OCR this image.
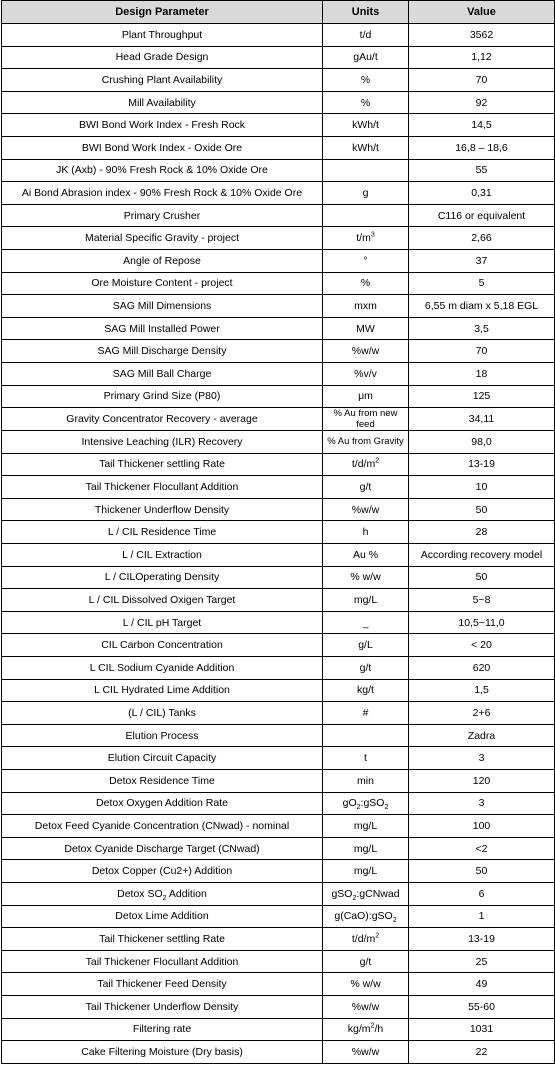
Design Parameter	Units	Value
Plant Throughput	t/d	3562
Head Grade Design	gAu/t	1,12
Crushing Plant Availability	%	70
Mill Availability	%	92
BWI Bond Work Index - Fresh Rock	kWh/t	14,5
BWI Bond Work Index - Oxide Ore	kWh/t	16,8 – 18,6
JK (Axb) - 90% Fresh Rock & 10% Oxide Ore		55
Ai Bond Abrasion index - 90% Fresh Rock & 10% Oxide Ore	g	0,31
Primary Crusher		C116 or equivalent
Material Specific Gravity - project	$t/m^3$	2,66
Angle of Repose	°	37
Ore Moisture Content - project	%	5
SAG Mill Dimensions	mxm	6,55 m diam x 5,18 EGL
SAG Mill Installed Power	MW	3,5
SAG Mill Discharge Density	%w/w	70
SAG Mill Ball Charge	%v/v	18
Primary Grind Size (P80)	μm	125
Gravity Concentrator Recovery - average	% Au from new feed	34,11
Intensive Leaching (ILR) Recovery	% Au from Gravity	98,0
Tail Thickener settling Rate	$t/d/m^2$	13-19
Tail Thickener Flocullant Addition	g/t	10
Thickener Underflow Density	%w/w	50
L / CIL Residence Time	h	28
L / CIL Extraction	Au %	According recovery model
L / CILOperating Density	% w/w	50
L / CIL Dissolved Oxigen Target	mg/L	5~8
L / CIL pH Target	_	10,5~11,0
CIL Carbon Concentration	g/L	< 20
L CIL Sodium Cyanide Addition	g/t	620
L CIL Hydrated Lime Addition	kg/t	1,5
(L / CIL) Tanks	#	2+6
Elution Process		Zadra
Elution Circuit Capacity	t	3
Detox Residence Time	min	120
Detox Oxygen Addition Rate	$gO_2:gSO_2$	3
Detox Feed Cyanide Concentration (CNwad) - nominal	mg/L	100
Detox Cyanide Discharge Target (CNwad)	mg/L	<2
Detox Copper (Cu2+) Addition	mg/L	50
Detox $SO_2$ Addition	gSO$_2$:gCNwad	6
Detox Lime Addition	g(CaO):gSO$_2$	1
Tail Thickener settling Rate	$t/d/m^2$	13-19
Tail Thickener Flocullant Addition	g/t	25
Tail Thickener Feed Density	% w/w	49
Tail Thickener Underflow Density	%w/w	55-60
Filtering rate	$kg/m^2/h$	1031
Cake Filtering Moisture (Dry basis)	%w/w	22
